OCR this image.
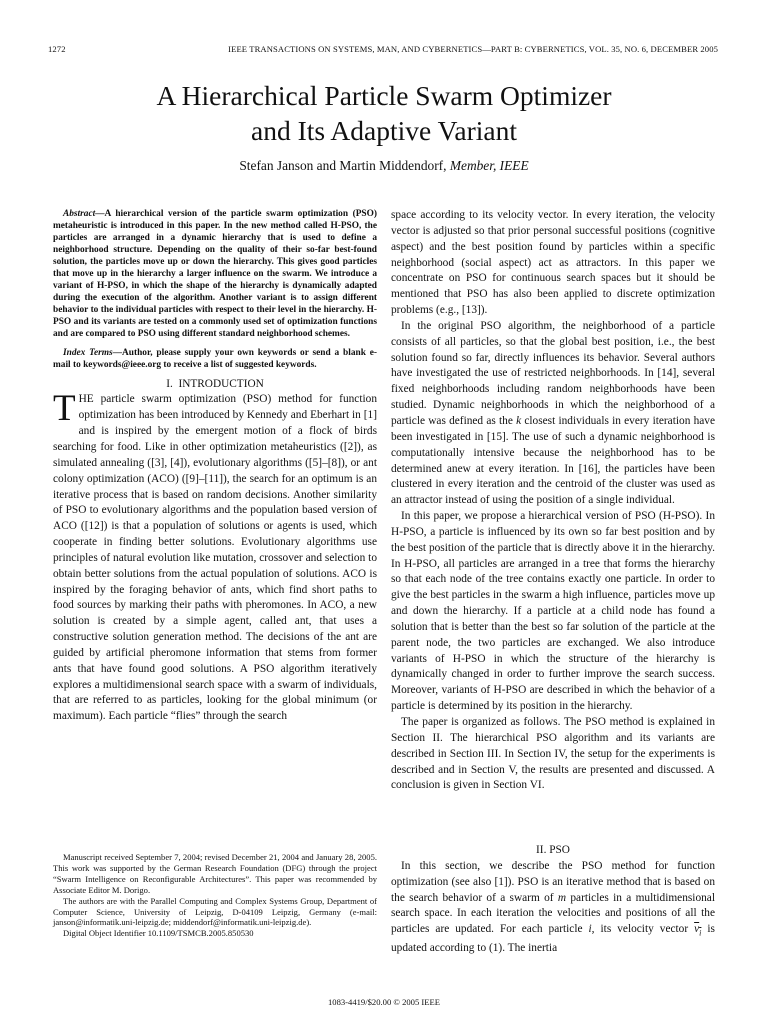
1272	IEEE TRANSACTIONS ON SYSTEMS, MAN, AND CYBERNETICS—PART B: CYBERNETICS, VOL. 35, NO. 6, DECEMBER 2005
A Hierarchical Particle Swarm Optimizer
and Its Adaptive Variant
Stefan Janson and Martin Middendorf, Member, IEEE

Abstract—A hierarchical version of the particle swarm optimization (PSO) metaheuristic is introduced in this paper. In the new method called H-PSO, the particles are arranged in a dynamic hierarchy that is used to define a neighborhood structure. Depending on the quality of their so-far best-found solution, the particles move up or down the hierarchy. This gives good particles that move up in the hierarchy a larger influence on the swarm. We introduce a variant of H-PSO, in which the shape of the hierarchy is dynamically adapted during the execution of the algorithm. Another variant is to assign different behavior to the individual particles with respect to their level in the hierarchy. H-PSO and its variants are tested on a commonly used set of optimization functions and are compared to PSO using different standard neighborhood schemes.

Index Terms—Author, please supply your own keywords or send a blank e-mail to keywords@ieee.org to receive a list of suggested keywords.

I. INTRODUCTION

THE particle swarm optimization (PSO) method for function optimization has been introduced by Kennedy and Eberhart in [1] and is inspired by the emergent motion of a flock of birds searching for food. Like in other optimization metaheuristics ([2]), as simulated annealing ([3], [4]), evolutionary algorithms ([5]–[8]), or ant colony optimization (ACO) ([9]–[11]), the search for an optimum is an iterative process that is based on random decisions. Another similarity of PSO to evolutionary algorithms and the population based version of ACO ([12]) is that a population of solutions or agents is used, which cooperate in finding better solutions. Evolutionary algorithms use principles of natural evolution like mutation, crossover and selection to obtain better solutions from the actual population of solutions. ACO is inspired by the foraging behavior of ants, which find short paths to food sources by marking their paths with pheromones. In ACO, a new solution is created by a simple agent, called ant, that uses a constructive solution generation method. The decisions of the ant are guided by artificial pheromone information that stems from former ants that have found good solutions. A PSO algorithm iteratively explores a multidimensional search space with a swarm of individuals, that are referred to as particles, looking for the global minimum (or maximum). Each particle “flies” through the search

Manuscript received September 7, 2004; revised December 21, 2004 and January 28, 2005. This work was supported by the German Research Foundation (DFG) through the project “Swarm Intelligence on Reconfigurable Architectures”. This paper was recommended by Associate Editor M. Dorigo.

The authors are with the Parallel Computing and Complex Systems Group, Department of Computer Science, University of Leipzig, D-04109 Leipzig, Germany (e-mail: janson@informatik.uni-leipzig.de; middendorf@informatik.uni-leipzig.de).

Digital Object Identifier 10.1109/TSMCB.2005.850530

space according to its velocity vector. In every iteration, the velocity vector is adjusted so that prior personal successful positions (cognitive aspect) and the best position found by particles within a specific neighborhood (social aspect) act as attractors. In this paper we concentrate on PSO for continuous search spaces but it should be mentioned that PSO has also been applied to discrete optimization problems (e.g., [13]).

In the original PSO algorithm, the neighborhood of a particle consists of all particles, so that the global best position, i.e., the best solution found so far, directly influences its behavior. Several authors have investigated the use of restricted neighborhoods. In [14], several fixed neighborhoods including random neighborhoods have been studied. Dynamic neighborhoods in which the neighborhood of a particle was defined as the k closest individuals in every iteration have been investigated in [15]. The use of such a dynamic neighborhood is computationally intensive because the neighborhood has to be determined anew at every iteration. In [16], the particles have been clustered in every iteration and the centroid of the cluster was used as an attractor instead of using the position of a single individual.

In this paper, we propose a hierarchical version of PSO (H-PSO). In H-PSO, a particle is influenced by its own so far best position and by the best position of the particle that is directly above it in the hierarchy. In H-PSO, all particles are arranged in a tree that forms the hierarchy so that each node of the tree contains exactly one particle. In order to give the best particles in the swarm a high influence, particles move up and down the hierarchy. If a particle at a child node has found a solution that is better than the best so far solution of the particle at the parent node, the two particles are exchanged. We also introduce variants of H-PSO in which the structure of the hierarchy is dynamically changed in order to further improve the search success. Moreover, variants of H-PSO are described in which the behavior of a particle is determined by its position in the hierarchy.

The paper is organized as follows. The PSO method is explained in Section II. The hierarchical PSO algorithm and its variants are described in Section III. In Section IV, the setup for the experiments is described and in Section V, the results are presented and discussed. A conclusion is given in Section VI.

II. PSO

In this section, we describe the PSO method for function optimization (see also [1]). PSO is an iterative method that is based on the search behavior of a swarm of m particles in a multidimensional search space. In each iteration the velocities and positions of all the particles are updated. For each particle i, its velocity vector $v_i$ is updated according to (1). The inertia

1083-4419/$20.00 © 2005 IEEE
